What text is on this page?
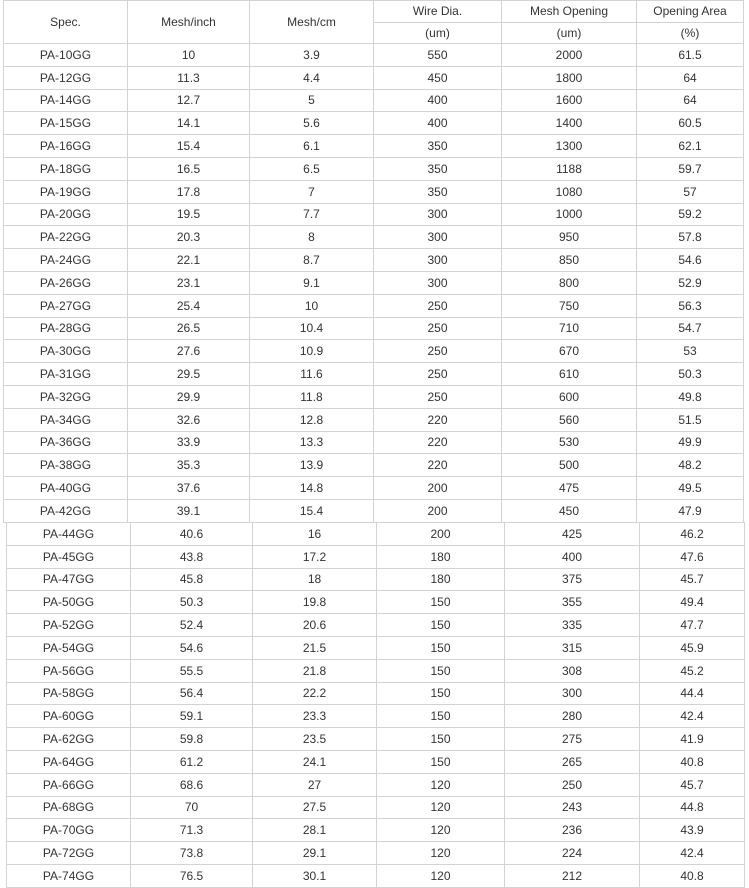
Spec.	Mesh/inch	Mesh/cm	Wire Dia.	Mesh Opening	Opening Area
			(um)	(um)	(%)
PA-10GG	10	3.9	550	2000	61.5
PA-12GG	11.3	4.4	450	1800	64
PA-14GG	12.7	5	400	1600	64
PA-15GG	14.1	5.6	400	1400	60.5
PA-16GG	15.4	6.1	350	1300	62.1
PA-18GG	16.5	6.5	350	1188	59.7
PA-19GG	17.8	7	350	1080	57
PA-20GG	19.5	7.7	300	1000	59.2
PA-22GG	20.3	8	300	950	57.8
PA-24GG	22.1	8.7	300	850	54.6
PA-26GG	23.1	9.1	300	800	52.9
PA-27GG	25.4	10	250	750	56.3
PA-28GG	26.5	10.4	250	710	54.7
PA-30GG	27.6	10.9	250	670	53
PA-31GG	29.5	11.6	250	610	50.3
PA-32GG	29.9	11.8	250	600	49.8
PA-34GG	32.6	12.8	220	560	51.5
PA-36GG	33.9	13.3	220	530	49.9
PA-38GG	35.3	13.9	220	500	48.2
PA-40GG	37.6	14.8	200	475	49.5
PA-42GG	39.1	15.4	200	450	47.9
PA-44GG	40.6	16	200	425	46.2
PA-45GG	43.8	17.2	180	400	47.6
PA-47GG	45.8	18	180	375	45.7
PA-50GG	50.3	19.8	150	355	49.4
PA-52GG	52.4	20.6	150	335	47.7
PA-54GG	54.6	21.5	150	315	45.9
PA-56GG	55.5	21.8	150	308	45.2
PA-58GG	56.4	22.2	150	300	44.4
PA-60GG	59.1	23.3	150	280	42.4
PA-62GG	59.8	23.5	150	275	41.9
PA-64GG	61.2	24.1	150	265	40.8
PA-66GG	68.6	27	120	250	45.7
PA-68GG	70	27.5	120	243	44.8
PA-70GG	71.3	28.1	120	236	43.9
PA-72GG	73.8	29.1	120	224	42.4
PA-74GG	76.5	30.1	120	212	40.8
